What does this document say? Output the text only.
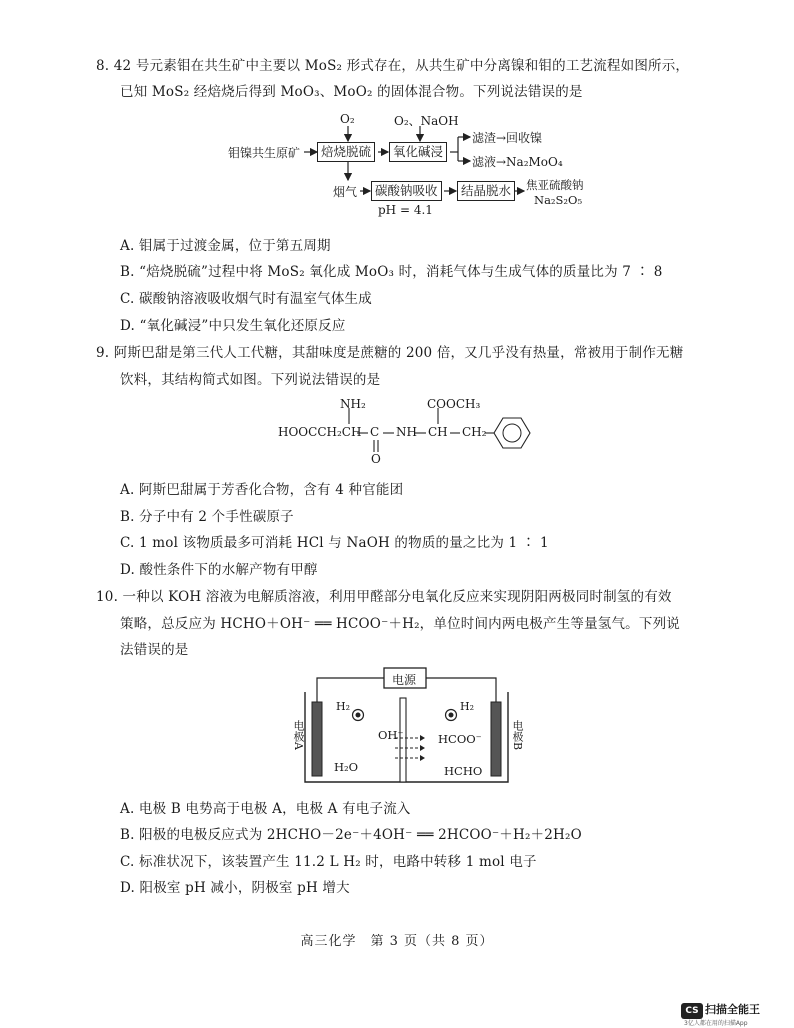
8. 42 号元素钼在共生矿中主要以 MoS₂ 形式存在，从共生矿中分离镍和钼的工艺流程如图所示，
已知 MoS₂ 经焙烧后得到 MoO₃、MoO₂ 的固体混合物。下列说法错误的是
钼镍共生原矿
O₂	O₂、NaOH
焙烧脱硫	氧化碱浸
滤渣→回收镍
滤液→Na₂MoO₄
烟气	碳酸钠吸收
pH = 4.1
结晶脱水	焦亚硫酸钠
Na₂S₂O₅
A. 钼属于过渡金属，位于第五周期
B. “焙烧脱硫”过程中将 MoS₂ 氧化成 MoO₃ 时，消耗气体与生成气体的质量比为 7 ∶ 8
C. 碳酸钠溶液吸收烟气时有温室气体生成
D. “氧化碱浸”中只发生氧化还原反应
9. 阿斯巴甜是第三代人工代糖，其甜味度是蔗糖的 200 倍，又几乎没有热量，常被用于制作无糖
饮料，其结构简式如图。下列说法错误的是
NH₂	COOCH₃
HOOCCH₂CH C NH CH CH₂
O
A. 阿斯巴甜属于芳香化合物，含有 4 种官能团
B. 分子中有 2 个手性碳原子
C. 1 mol 该物质最多可消耗 HCl 与 NaOH 的物质的量之比为 1 ∶ 1
D. 酸性条件下的水解产物有甲醇
10. 一种以 KOH 溶液为电解质溶液，利用甲醛部分电氧化反应来实现阴阳两极同时制氢的有效
策略，总反应为 HCHO＋OH⁻ ══ HCOO⁻＋H₂，单位时间内两电极产生等量氢气。下列说
法错误的是
电源
电极A	电极B
H₂	H₂
OH⁻	HCOO⁻
H₂O	HCHO
A. 电极 B 电势高于电极 A，电极 A 有电子流入
B. 阳极的电极反应式为 2HCHO－2e⁻＋4OH⁻ ══ 2HCOO⁻＋H₂＋2H₂O
C. 标准状况下，该装置产生 11.2 L H₂ 时，电路中转移 1 mol 电子
D. 阳极室 pH 减小，阴极室 pH 增大
高三化学　第 3 页（共 8 页）
CS 扫描全能王
3亿人都在用的扫描App
